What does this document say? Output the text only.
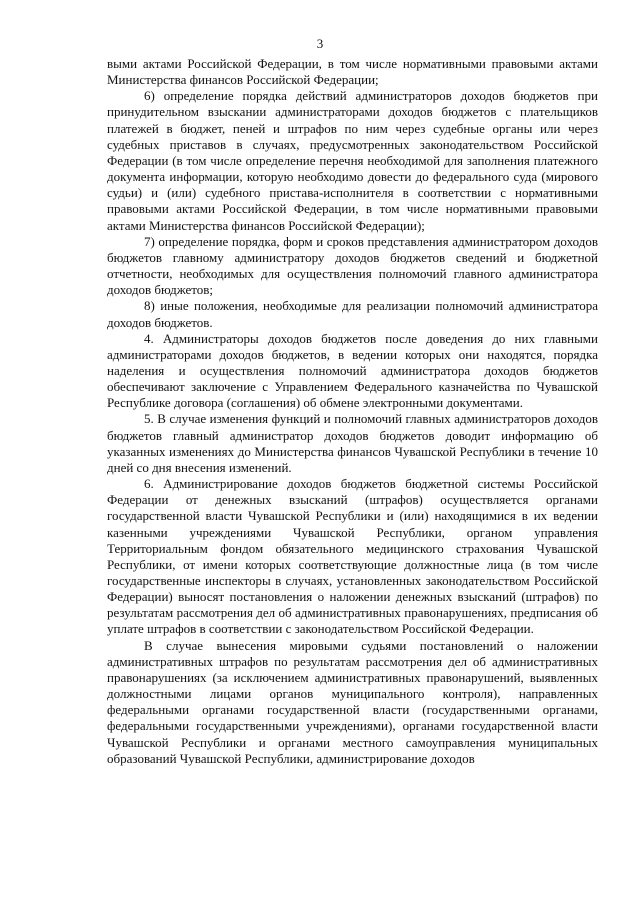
3

выми актами Российской Федерации, в том числе нормативными правовыми актами Министерства финансов Российской Федерации;

6) определение порядка действий администраторов доходов бюджетов при принудительном взыскании администраторами доходов бюджетов с плательщиков платежей в бюджет, пеней и штрафов по ним через судебные органы или через судебных приставов в случаях, предусмотренных законодательством Российской Федерации (в том числе определение перечня необходимой для заполнения платежного документа информации, которую необходимо довести до федерального суда (мирового судьи) и (или) судебного пристава-исполнителя в соответствии с нормативными правовыми актами Российской Федерации, в том числе нормативными правовыми актами Министерства финансов Российской Федерации);

7) определение порядка, форм и сроков представления администратором доходов бюджетов главному администратору доходов бюджетов сведений и бюджетной отчетности, необходимых для осуществления полномочий главного администратора доходов бюджетов;

8) иные положения, необходимые для реализации полномочий администратора доходов бюджетов.

4. Администраторы доходов бюджетов после доведения до них главными администраторами доходов бюджетов, в ведении которых они находятся, порядка наделения и осуществления полномочий администратора доходов бюджетов обеспечивают заключение с Управлением Федерального казначейства по Чувашской Республике договора (соглашения) об обмене электронными документами.

5. В случае изменения функций и полномочий главных администраторов доходов бюджетов главный администратор доходов бюджетов доводит информацию об указанных изменениях до Министерства финансов Чувашской Республики в течение 10 дней со дня внесения изменений.

6. Администрирование доходов бюджетов бюджетной системы Российской Федерации от денежных взысканий (штрафов) осуществляется органами государственной власти Чувашской Республики и (или) находящимися в их ведении казенными учреждениями Чувашской Республики, органом управления Территориальным фондом обязательного медицинского страхования Чувашской Республики, от имени которых соответствующие должностные лица (в том числе государственные инспекторы в случаях, установленных законодательством Российской Федерации) выносят постановления о наложении денежных взысканий (штрафов) по результатам рассмотрения дел об административных правонарушениях, предписания об уплате штрафов в соответствии с законодательством Российской Федерации.

В случае вынесения мировыми судьями постановлений о наложении административных штрафов по результатам рассмотрения дел об административных правонарушениях (за исключением административных правонарушений, выявленных должностными лицами органов муниципального контроля), направленных федеральными органами государственной власти (государственными органами, федеральными государственными учреждениями), органами государственной власти Чувашской Республики и органами местного самоуправления муниципальных образований Чувашской Республики, администрирование доходов
